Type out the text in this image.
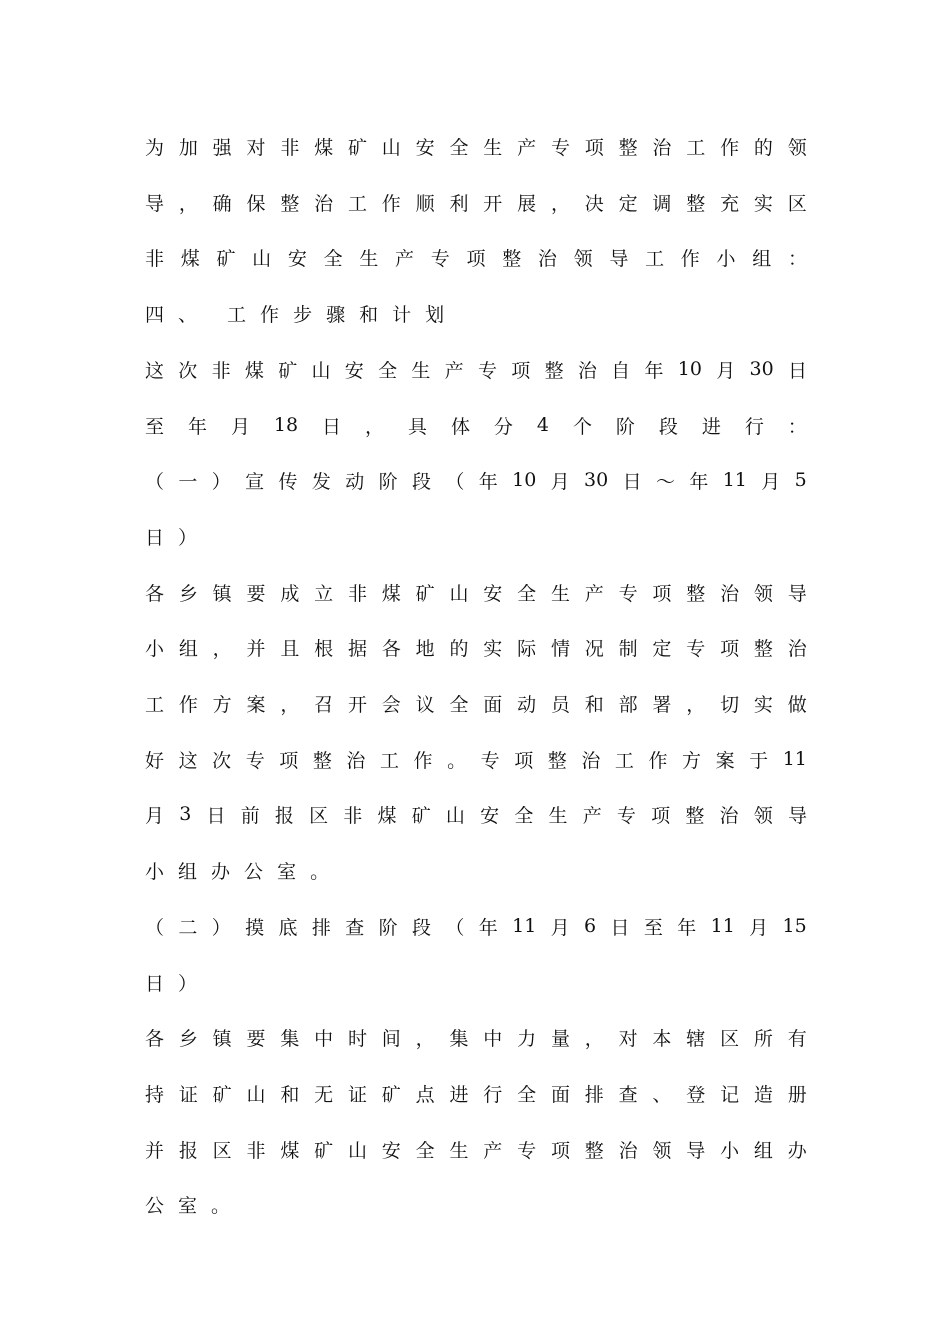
为 加 强 对 非 煤 矿 山 安 全 生 产 专 项 整 治 工 作 的 领
导 ， 确 保 整 治 工 作 顺 利 开 展 ， 决 定 调 整 充 实 区
非 煤 矿 山 安 全 生 产 专 项 整 治 领 导 工 作 小 组 ：
四 、 工 作 步 骤 和 计 划
这 次 非 煤 矿 山 安 全 生 产 专 项 整 治 自 年 10 月 30 日
至 年 月 18 日 ， 具 体 分 4 个 阶 段 进 行 ：
（ 一 ） 宣 传 发 动 阶 段 （ 年 10 月 30 日 ～ 年 11 月 5
日 ）
各 乡 镇 要 成 立 非 煤 矿 山 安 全 生 产 专 项 整 治 领 导
小 组 ， 并 且 根 据 各 地 的 实 际 情 况 制 定 专 项 整 治
工 作 方 案 ， 召 开 会 议 全 面 动 员 和 部 署 ， 切 实 做
好 这 次 专 项 整 治 工 作 。 专 项 整 治 工 作 方 案 于 11
月 3 日 前 报 区 非 煤 矿 山 安 全 生 产 专 项 整 治 领 导
小 组 办 公 室 。
（ 二 ） 摸 底 排 查 阶 段 （ 年 11 月 6 日 至 年 11 月 15
日 ）
各 乡 镇 要 集 中 时 间 ， 集 中 力 量 ， 对 本 辖 区 所 有
持 证 矿 山 和 无 证 矿 点 进 行 全 面 排 查 、 登 记 造 册
并 报 区 非 煤 矿 山 安 全 生 产 专 项 整 治 领 导 小 组 办
公 室 。
